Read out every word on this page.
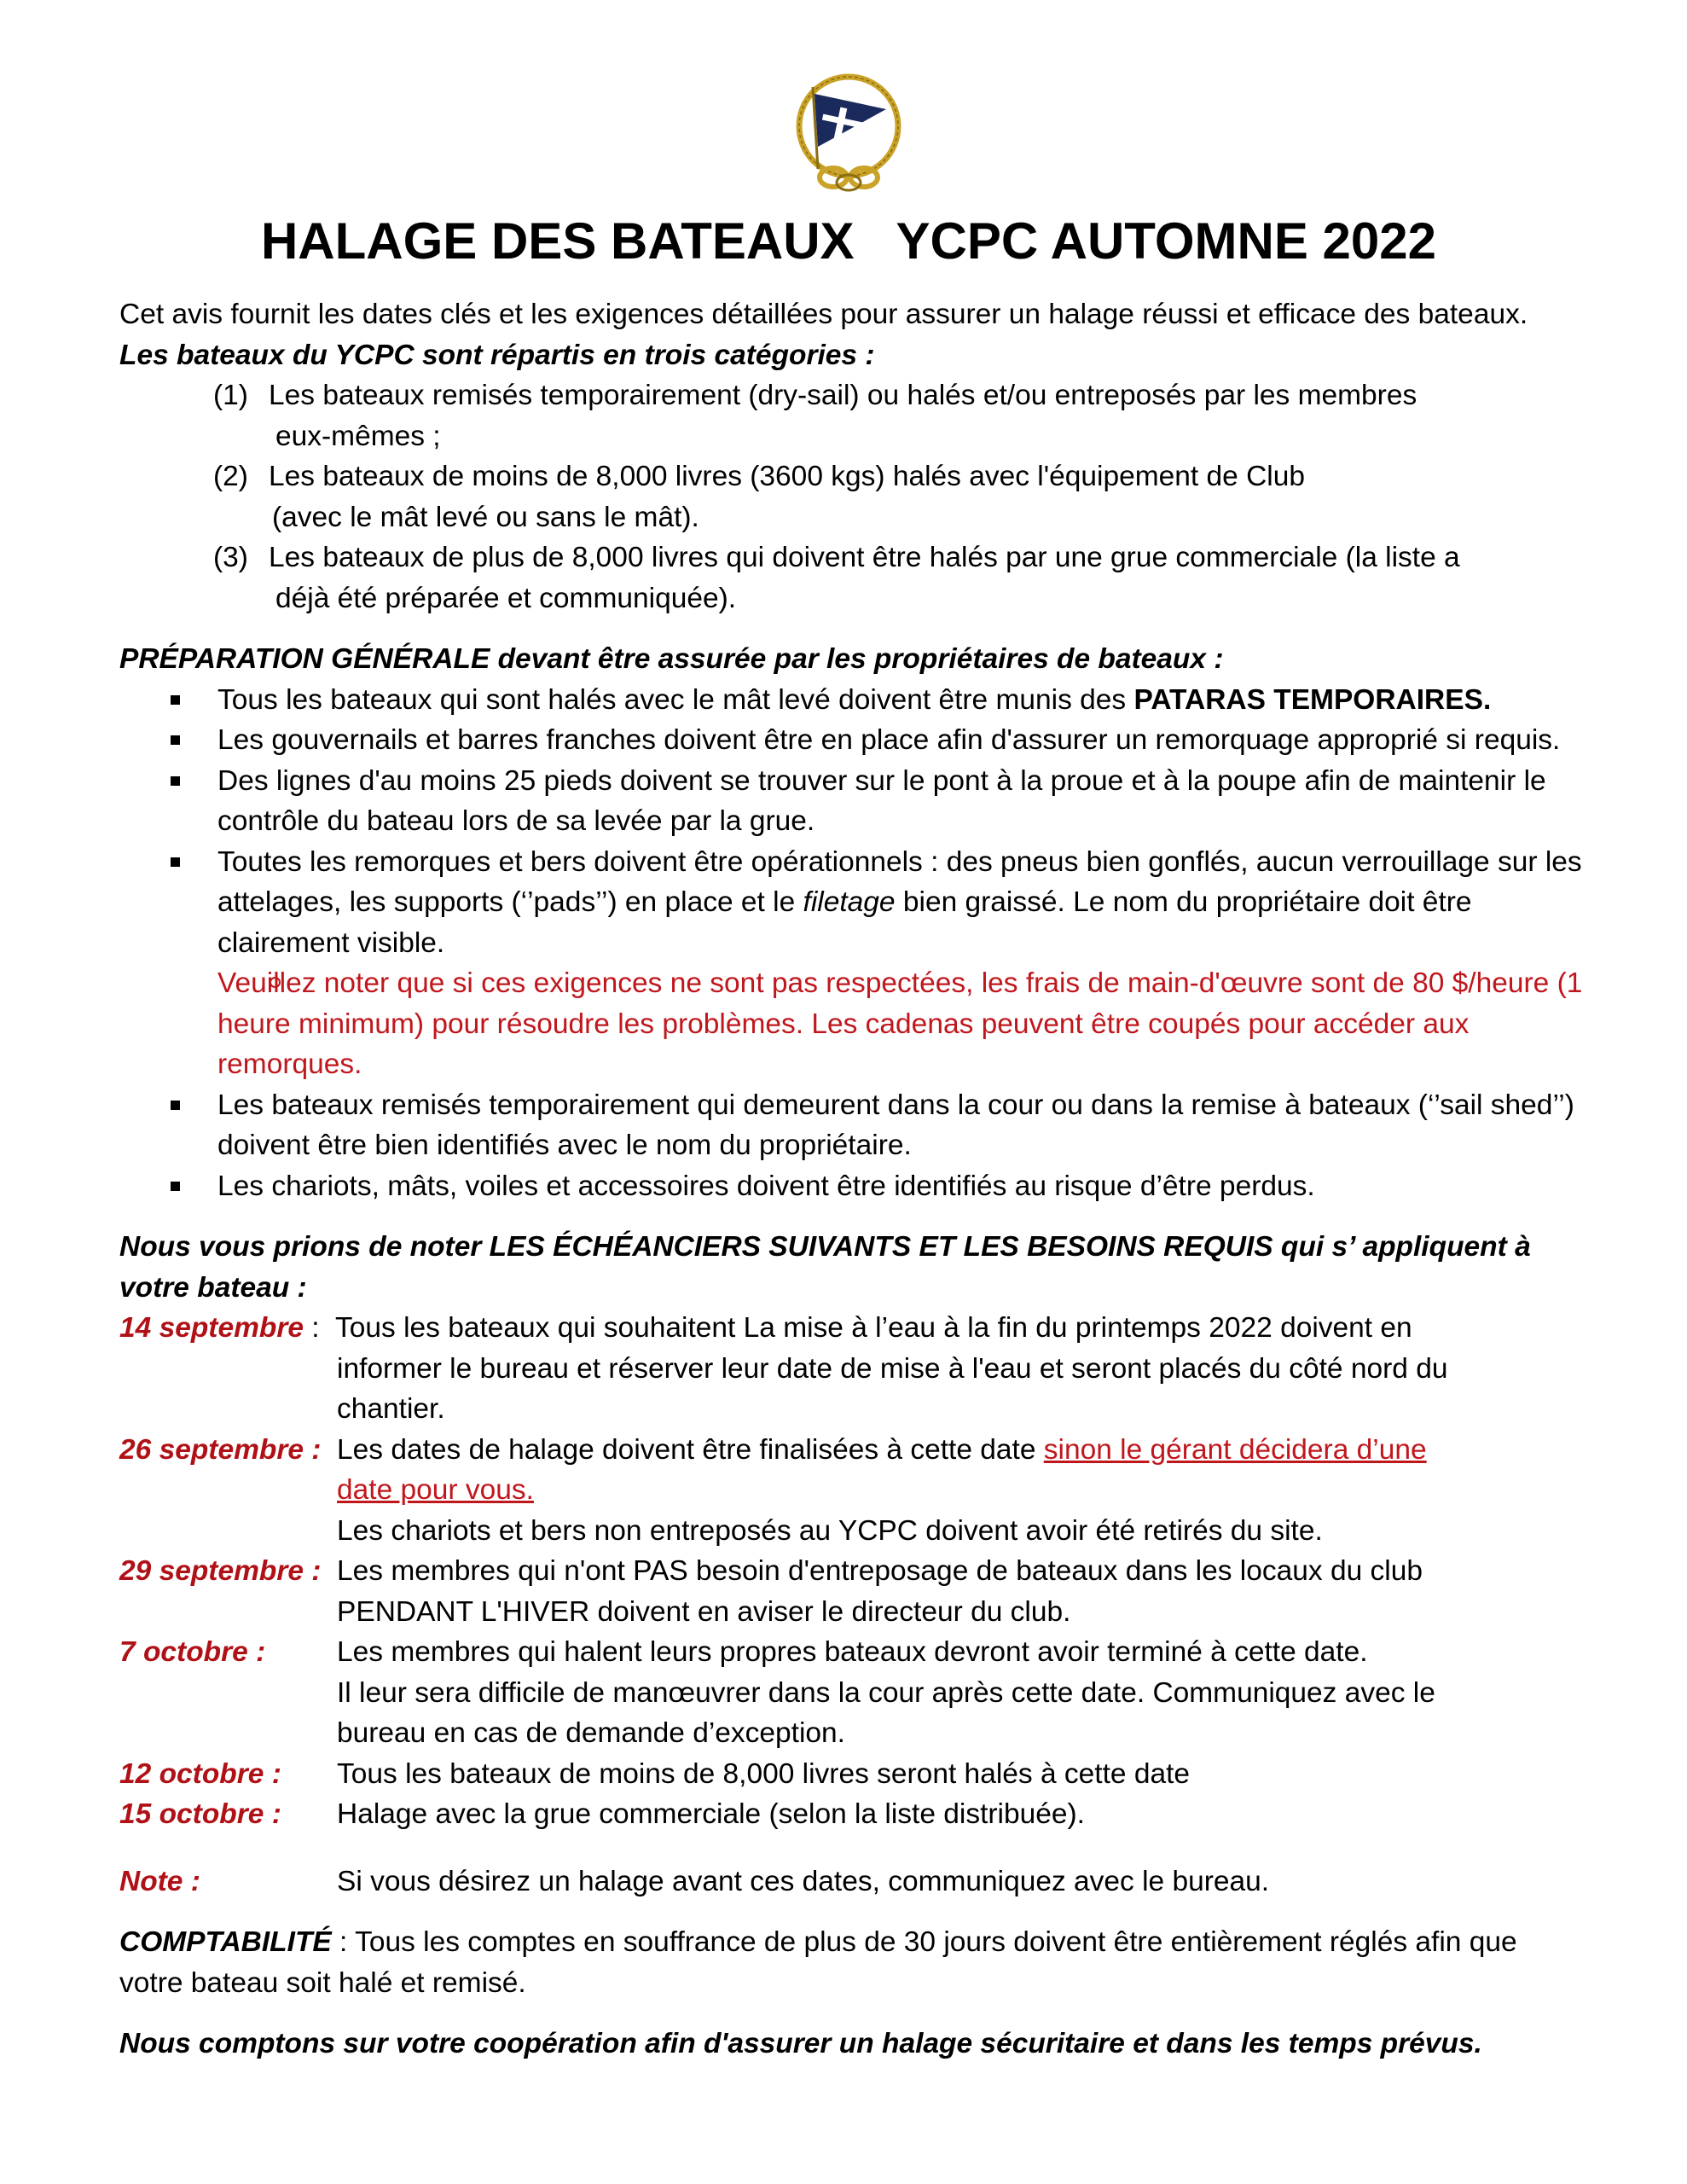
HALAGE DES BATEAUX   YCPC AUTOMNE 2022

Cet avis fournit les dates clés et les exigences détaillées pour assurer un halage réussi et efficace des bateaux.

Les bateaux du YCPC sont répartis en trois catégories :

(1) Les bateaux remisés temporairement (dry-sail) ou halés et/ou entreposés par les membres
eux-mêmes ;
(2) Les bateaux de moins de 8,000 livres (3600 kgs) halés avec l'équipement de Club
(avec le mât levé ou sans le mât).
(3) Les bateaux de plus de 8,000 livres qui doivent être halés par une grue commerciale (la liste a
déjà été préparée et communiquée).

PRÉPARATION GÉNÉRALE devant être assurée par les propriétaires de bateaux :

Tous les bateaux qui sont halés avec le mât levé doivent être munis des PATARAS TEMPORAIRES.
Les gouvernails et barres franches doivent être en place afin d'assurer un remorquage approprié si requis.
Des lignes d'au moins 25 pieds doivent se trouver sur le pont à la proue et à la poupe afin de maintenir le contrôle du bateau lors de sa levée par la grue.
Toutes les remorques et bers doivent être opérationnels : des pneus bien gonflés, aucun verrouillage sur les attelages, les supports (‘’pads’’) en place et le filetage bien graissé. Le nom du propriétaire doit être clairement visible.
Veuillez noter que si ces exigences ne sont pas respectées, les frais de main-d'œuvre sont de 80 $/heure (1 heure minimum) pour résoudre les problèmes. Les cadenas peuvent être coupés pour accéder aux remorques.
Les bateaux remisés temporairement qui demeurent dans la cour ou dans la remise à bateaux (‘’sail shed’’) doivent être bien identifiés avec le nom du propriétaire.
Les chariots, mâts, voiles et accessoires doivent être identifiés au risque d’être perdus.

Nous vous prions de noter LES ÉCHÉANCIERS SUIVANTS ET LES BESOINS REQUIS qui s’ appliquent à votre bateau :

14 septembre : Tous les bateaux qui souhaitent La mise à l’eau à la fin du printemps 2022 doivent en
informer le bureau et réserver leur date de mise à l'eau et seront placés du côté nord du
chantier.
26 septembre : Les dates de halage doivent être finalisées à cette date sinon le gérant décidera d’une
date pour vous.
Les chariots et bers non entreposés au YCPC doivent avoir été retirés du site.
29 septembre : Les membres qui n'ont PAS besoin d'entreposage de bateaux dans les locaux du club
PENDANT L'HIVER doivent en aviser le directeur du club.
7 octobre :	Les membres qui halent leurs propres bateaux devront avoir terminé à cette date.
Il leur sera difficile de manœuvrer dans la cour après cette date. Communiquez avec le
bureau en cas de demande d’exception.
12 octobre :	Tous les bateaux de moins de 8,000 livres seront halés à cette date
15 octobre :	Halage avec la grue commerciale (selon la liste distribuée).
Note :	Si vous désirez un halage avant ces dates, communiquez avec le bureau.

COMPTABILITÉ : Tous les comptes en souffrance de plus de 30 jours doivent être entièrement réglés afin que votre bateau soit halé et remisé.

Nous comptons sur votre coopération afin d'assurer un halage sécuritaire et dans les temps prévus.
